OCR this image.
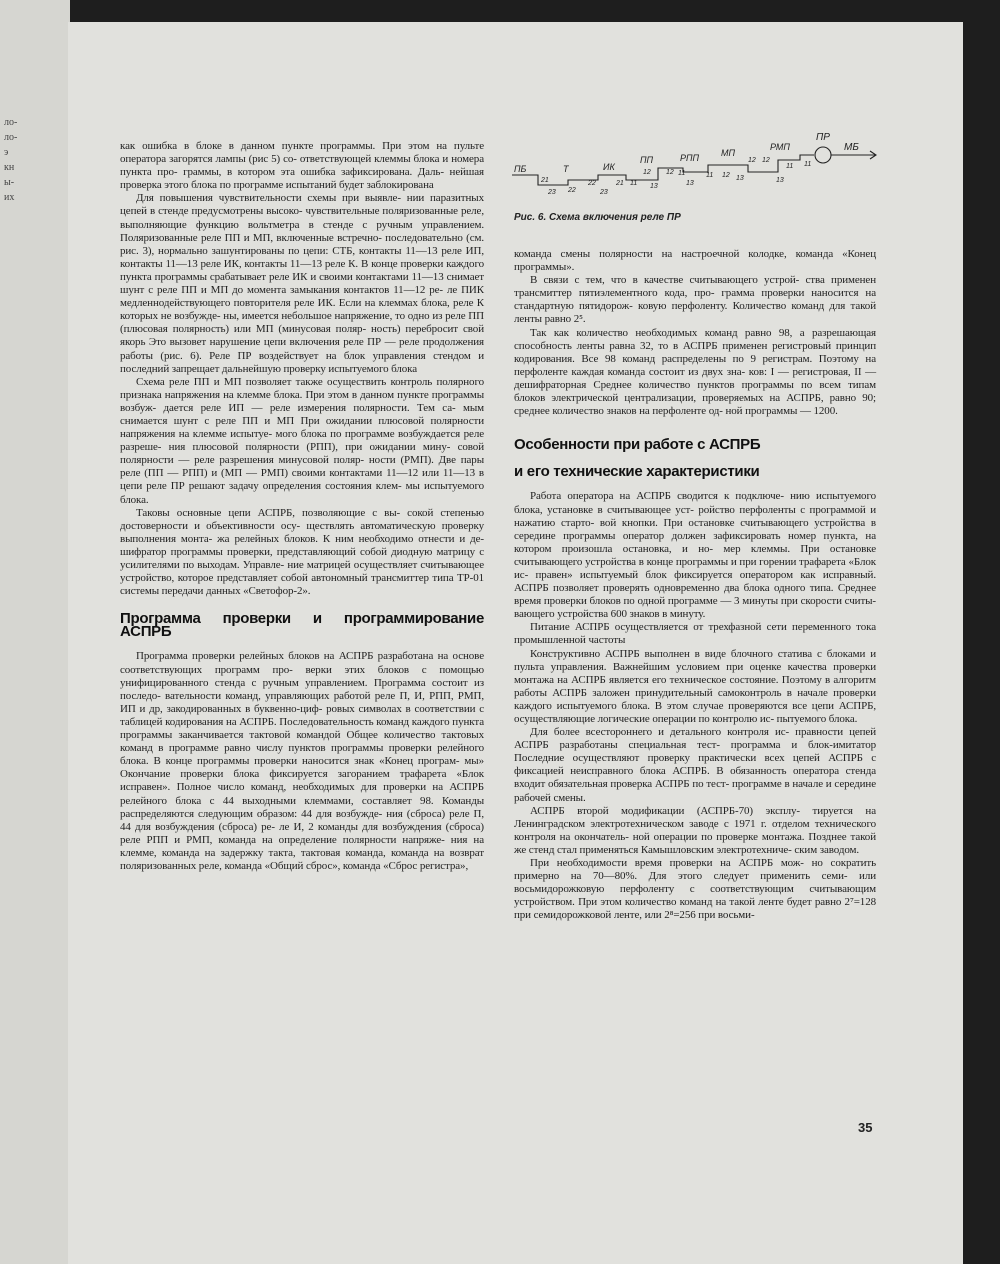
ло-
ло-
э
кн
ы-
их

как ошибка в блоке в данном пункте программы. При этом на пульте оператора загорятся лампы (рис 5) со- ответствующей клеммы блока и номера пункта про- граммы, в котором эта ошибка зафиксирована. Даль- нейшая проверка этого блока по программе испытаний будет заблокирована

Для повышения чувствительности схемы при выявле- нии паразитных цепей в стенде предусмотрены высоко- чувствительные поляризованные реле, выполняющие функцию вольтметра в стенде с ручным управлением. Поляризованные реле ПП и МП, включенные встречно- последовательно (см. рис. 3), нормально зашунтированы по цепи: СТБ, контакты 11—13 реле ИП, контакты 11—13 реле ИК, контакты 11—13 реле К. В конце проверки каждого пункта программы срабатывает реле ИК и своими контактами 11—13 снимает шунт с реле ПП и МП до момента замыкания контактов 11—12 ре- ле ПИК медленнодействующего повторителя реле ИК. Если на клеммах блока, реле К которых не возбужде- ны, имеется небольшое напряжение, то одно из реле ПП (плюсовая полярность) или МП (минусовая поляр- ность) перебросит свой якорь Это вызовет нарушение цепи включения реле ПР — реле продолжения работы (рис. 6). Реле ПР воздействует на блок управления стендом и последний запрещает дальнейшую проверку испытуемого блока

Схема реле ПП и МП позволяет также осуществить контроль полярного признака напряжения на клемме блока. При этом в данном пункте программы возбуж- дается реле ИП — реле измерения полярности. Тем са- мым снимается шунт с реле ПП и МП При ожидании плюсовой полярности напряжения на клемме испытуе- мого блока по программе возбуждается реле разреше- ния плюсовой полярности (РПП), при ожидании мину- совой полярности — реле разрешения минусовой поляр- ности (РМП). Две пары реле (ПП — РПП) и (МП — РМП) своими контактами 11—12 или 11—13 в цепи реле ПР решают задачу определения состояния клем- мы испытуемого блока.

Таковы основные цепи АСПРБ, позволяющие с вы- сокой степенью достоверности и объективности осу- ществлять автоматическую проверку выполнения монта- жа релейных блоков. К ним необходимо отнести и де- шифратор программы проверки, представляющий собой диодную матрицу с усилителями по выходам. Управле- ние матрицей осуществляет считывающее устройство, которое представляет собой автономный трансмиттер типа ТР-01 системы передачи данных «Светофор-2».

Программа проверки и программирование АСПРБ

Программа проверки релейных блоков на АСПРБ разработана на основе соответствующих программ про- верки этих блоков с помощью унифицированного стенда с ручным управлением. Программа состоит из последо- вательности команд, управляющих работой реле П, И, РПП, РМП, ИП и др, закодированных в буквенно-циф- ровых символах в соответствии с таблицей кодирования на АСПРБ. Последовательность команд каждого пункта программы заканчивается тактовой командой Общее количество тактовых команд в программе равно числу пунктов программы проверки релейного блока. В конце программы проверки наносится знак «Конец програм- мы» Окончание проверки блока фиксируется загоранием трафарета «Блок исправен». Полное число команд, необходимых для проверки на АСПРБ релейного блока с 44 выходными клеммами, составляет 98. Команды распределяются следующим образом: 44 для возбужде- ния (сброса) реле П, 44 для возбуждения (сброса) ре- ле И, 2 команды для возбуждения (сброса) реле РПП и РМП, команда на определение полярности напряже- ния на клемме, команда на задержку такта, тактовая команда, команда на возврат поляризованных реле, команда «Общий сброс», команда «Сброс регистра»,

ПР
МБ
РМП
МП
РПП
ПП
ИК
Т
ПБ
21
23 22
22
23
21 11
12
13
12 11
13
11 12 13
12 12
11
13
11
Рис. 6. Схема включения реле ПР

команда смены полярности на настроечной колодке, команда «Конец программы».

В связи с тем, что в качестве считывающего устрой- ства применен трансмиттер пятиэлементного кода, про- грамма проверки наносится на стандартную пятидорож- ковую перфоленту. Количество команд для такой ленты равно 2⁵.

Так как количество необходимых команд равно 98, а разрешающая способность ленты равна 32, то в АСПРБ применен регистровый принцип кодирования. Все 98 команд распределены по 9 регистрам. Поэтому на перфоленте каждая команда состоит из двух зна- ков: I — регистровая, II — дешифраторная Среднее количество пунктов программы по всем типам блоков электрической централизации, проверяемых на АСПРБ, равно 90; среднее количество знаков на перфоленте од- ной программы — 1200.

Особенности при работе с АСПРБ
и его технические характеристики

Работа оператора на АСПРБ сводится к подключе- нию испытуемого блока, установке в считывающее уст- ройство перфоленты с программой и нажатию старто- вой кнопки. При остановке считывающего устройства в середине программы оператор должен зафиксировать номер пункта, на котором произошла остановка, и но- мер клеммы. При остановке считывающего устройства в конце программы и при горении трафарета «Блок ис- правен» испытуемый блок фиксируется оператором как исправный. АСПРБ позволяет проверять одновременно два блока одного типа. Среднее время проверки блоков по одной программе — 3 минуты при скорости считы- вающего устройства 600 знаков в минуту.

Питание АСПРБ осуществляется от трехфазной сети переменного тока промышленной частоты

Конструктивно АСПРБ выполнен в виде блочного статива с блоками и пульта управления. Важнейшим условием при оценке качества проверки монтажа на АСПРБ является его техническое состояние. Поэтому в алгоритм работы АСПРБ заложен принудительный самоконтроль в начале проверки каждого испытуемого блока. В этом случае проверяются все цепи АСПРБ, осуществляющие логические операции по контролю ис- пытуемого блока.

Для более всестороннего и детального контроля ис- правности цепей АСПРБ разработаны специальная тест- программа и блок-имитатор Последние осуществляют проверку практически всех цепей АСПРБ с фиксацией неисправного блока АСПРБ. В обязанность оператора стенда входит обязательная проверка АСПРБ по тест- программе в начале и середине рабочей смены.

АСПРБ второй модификации (АСПРБ-70) эксплу- тируется на Ленинградском электротехническом заводе с 1971 г. отделом технического контроля на окончатель- ной операции по проверке монтажа. Позднее такой же стенд стал применяться Камышловским электротехниче- ским заводом.

При необходимости время проверки на АСПРБ мож- но сократить примерно на 70—80%. Для этого следует применить семи- или восьмидорожковую перфоленту с соответствующим считывающим устройством. При этом количество команд на такой ленте будет равно 2⁷=128 при семидорожковой ленте, или 2⁸=256 при восьми-

35
